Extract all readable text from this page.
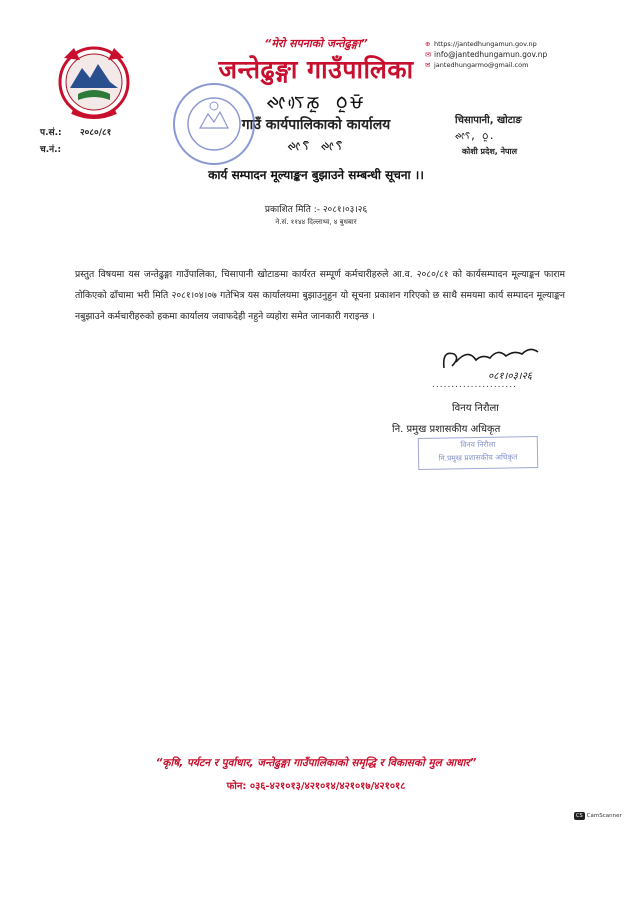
“मेरो सपनाको जन्तेढुङ्गा”
जन्तेढुङ्गा गाउँपालिका
ᰊᰦᰛᰴᰕᰬ ᰓᰬᰝᰳ
गाउँ कार्यपालिकाको कार्यालय
ᰊᰦᰛᰳ ᰊᰦᰛᰳ
⊕ https://jantedhungamun.gov.np
✉ info@jantedhungamun.gov.np
✉ jantedhungarmo@gmail.com
चिसापानी, खोटाङ
ᰊᰦᰛᰳ, ᰓᰬ.
कोशी प्रदेश, नेपाल
प.सं.: २०८०/८१
च.नं.:
कार्य सम्पादन मूल्याङ्कन बुझाउने सम्बन्धी सूचना ।।
प्रकाशित मिति :- २०८१।०३।२६
ने.सं. ११४४ दिल्लाथ्व, ४ बुधबार
प्रस्तुत विषयमा यस जन्तेढुङ्गा गाउँपालिका, चिसापानी खोटाङमा कार्यरत सम्पूर्ण कर्मचारीहरुले आ.व. २०८०/८१ को कार्यसम्पादन मूल्याङ्कन फाराम तोकिएको ढाँचामा भरी मिति २०८१।०४।०७ गतेभित्र यस कार्यालयमा बुझाउनुहुन यो सूचना प्रकाशन गरिएको छ साथै समयमा कार्य सम्पादन मूल्याङ्कन नबुझाउने कर्मचारीहरुको हकमा कार्यालय जवाफदेही नहुने व्यहोरा समेत जानकारी गराइन्छ ।
०८१।०३।२६
......................
विनय निरौला
नि. प्रमुख प्रशासकीय अधिकृत
विनय निरौला
नि.प्रमुख प्रशासकीय अधिकृत
“कृषि, पर्यटन र पुर्वाधार, जन्तेढुङ्गा गाउँपालिकाको समृद्धि र विकासको मुल आधार”
फोन: ०३६-४२१०१३/४२१०१४/४२१०१७/४२१०१८
CS CamScanner
